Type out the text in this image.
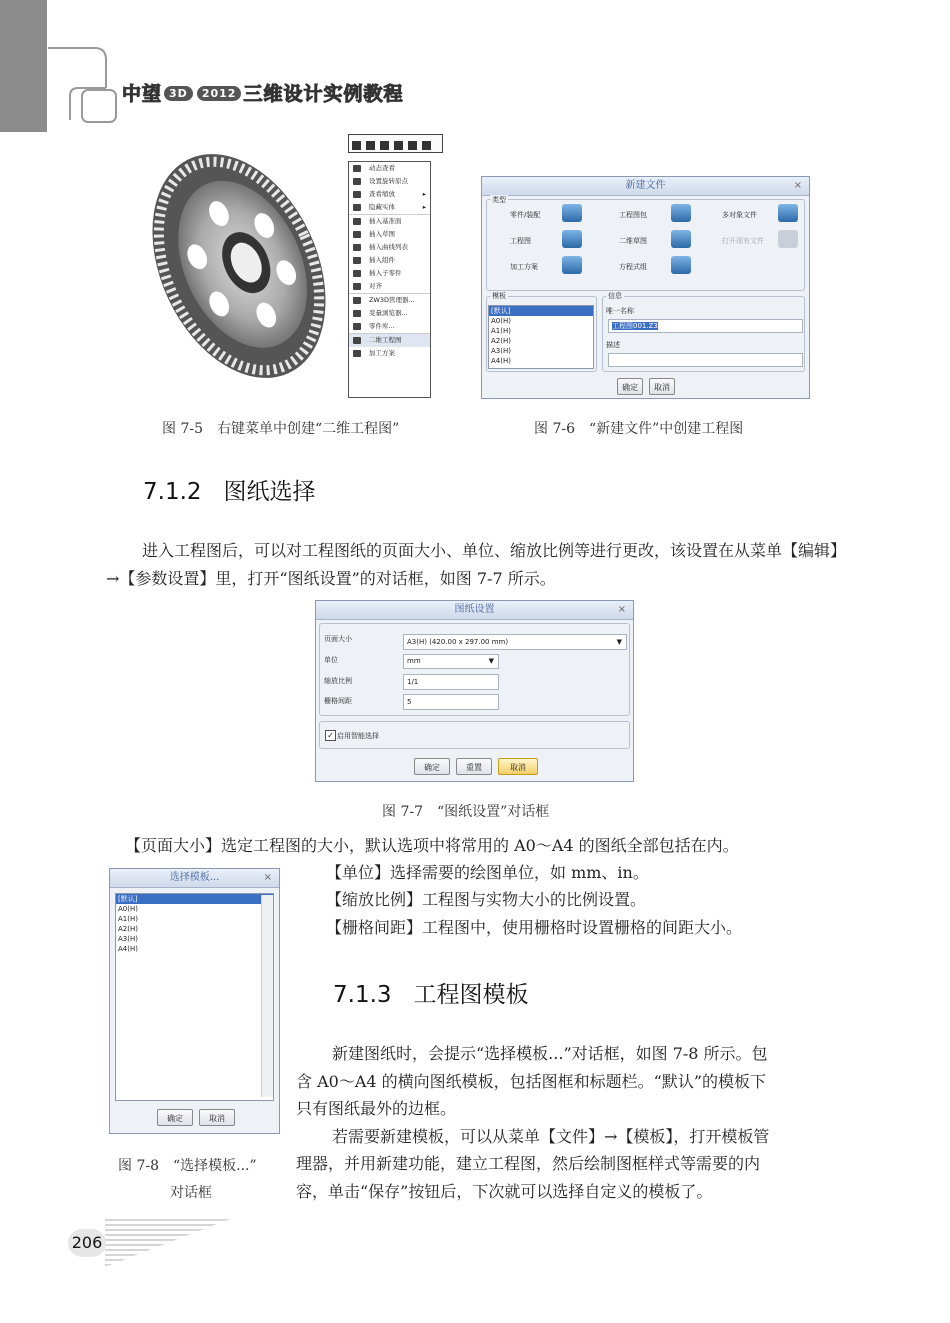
中望 3D 2012 三维设计实例教程
动态查看
设置旋转原点
查看缩放	▸
隐藏实体	▸
插入基准面
插入草图
插入曲线列表
插入组件
插入子零件
对齐
ZW3D管理器...
变量浏览器...
零件库...
二维工程图
加工方案
图 7-5　右键菜单中创建“二维工程图”
新建文件	×
类型
零件/装配	工程图包	多对象文件
工程图	二维草图	打开现有文件
加工方案	方程式组
模板
[默认]
A0(H)
A1(H)
A2(H)
A3(H)
A4(H)
信息
唯一名称
工程图001.Z3
描述
确定	取消
图 7-6　“新建文件”中创建工程图
7.1.2 图纸选择
进入工程图后，可以对工程图纸的页面大小、单位、缩放比例等进行更改，该设置在从菜单【编辑】→【参数设置】里，打开“图纸设置”的对话框，如图 7-7 所示。
图纸设置	×
页面大小	A3(H) (420.00 x 297.00 mm)	▼
单位	mm	▼
缩放比例	1/1
栅格间距	5
✓ 启用智能选择
确定	重置	取消
图 7-7　“图纸设置”对话框
【页面大小】选定工程图的大小，默认选项中将常用的 A0～A4 的图纸全部包括在内。
【单位】选择需要的绘图单位，如 mm、in。
【缩放比例】工程图与实物大小的比例设置。
【栅格间距】工程图中，使用栅格时设置栅格的间距大小。
选择模板...	×
[默认]
A0(H)
A1(H)
A2(H)
A3(H)
A4(H)
确定	取消
图 7-8　“选择模板...”
对话框
7.1.3 工程图模板
新建图纸时，会提示“选择模板...”对话框，如图 7-8 所示。包
含 A0～A4 的横向图纸模板，包括图框和标题栏。“默认”的模板下
只有图纸最外的边框。
若需要新建模板，可以从菜单【文件】→【模板】，打开模板管
理器，并用新建功能，建立工程图，然后绘制图框样式等需要的内
容，单击“保存”按钮后，下次就可以选择自定义的模板了。
206
